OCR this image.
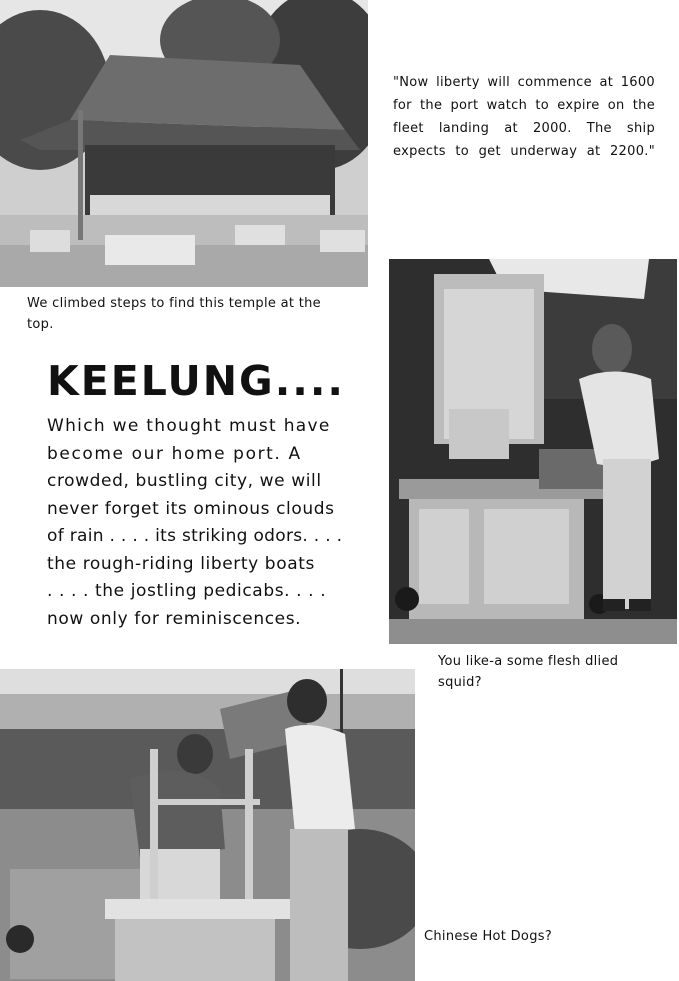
"Now liberty will commence at 1600
for the port watch to expire on the
fleet landing at 2000. The ship
expects to get underway at 2200."
We climbed steps to find this temple at the top.
KEELUNG....
Which we thought must have
become our home port. A
crowded, bustling city, we will
never forget its ominous clouds
of rain . . . . its striking odors. . . .
the rough-riding liberty boats
. . . . the jostling pedicabs. . . .
now only for reminiscences.
You like-a some flesh dlied squid?
Chinese Hot Dogs?
